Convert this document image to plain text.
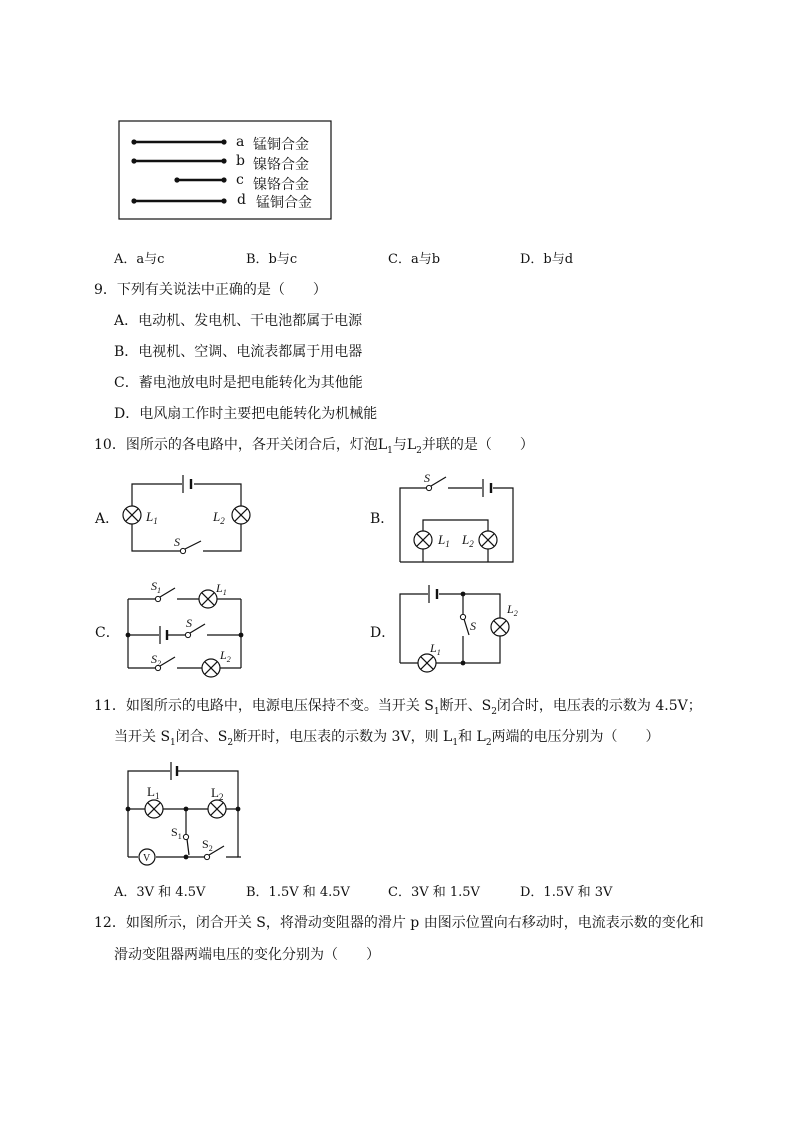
a 锰铜合金
b 镍铬合金
c 镍铬合金
d 锰铜合金
A．a与c	B．b与c	C．a与b	D．b与d
9．下列有关说法中正确的是（　　）
A．电动机、发电机、干电池都属于电源
B．电视机、空调、电流表都属于用电器
C．蓄电池放电时是把电能转化为其他能
D．电风扇工作时主要把电能转化为机械能
10．图所示的各电路中，各开关闭合后，灯泡$L_1$与$L_2$并联的是（　　）
A．	B．
C．	D．
$L_1$	$L_2$
S
S
$L_1$ $L_2$
$S_1$	$L_1$
S
$S_2$
$L_2$
S
$L_2$
$L_1$
11．如图所示的电路中，电源电压保持不变。当开关 $S_1$断开、$S_2$闭合时，电压表的示数为 4.5V；
当开关 $S_1$闭合、$S_2$断开时，电压表的示数为 3V，则 $L_1$和 $L_2$两端的电压分别为（　　）
V
$L_1$	$L_2$
$S_1$
$S_2$
A．3V 和 4.5V	B．1.5V 和 4.5V	C．3V 和 1.5V	D．1.5V 和 3V
12．如图所示，闭合开关 S，将滑动变阻器的滑片 p 由图示位置向右移动时，电流表示数的变化和
滑动变阻器两端电压的变化分别为（　　）
